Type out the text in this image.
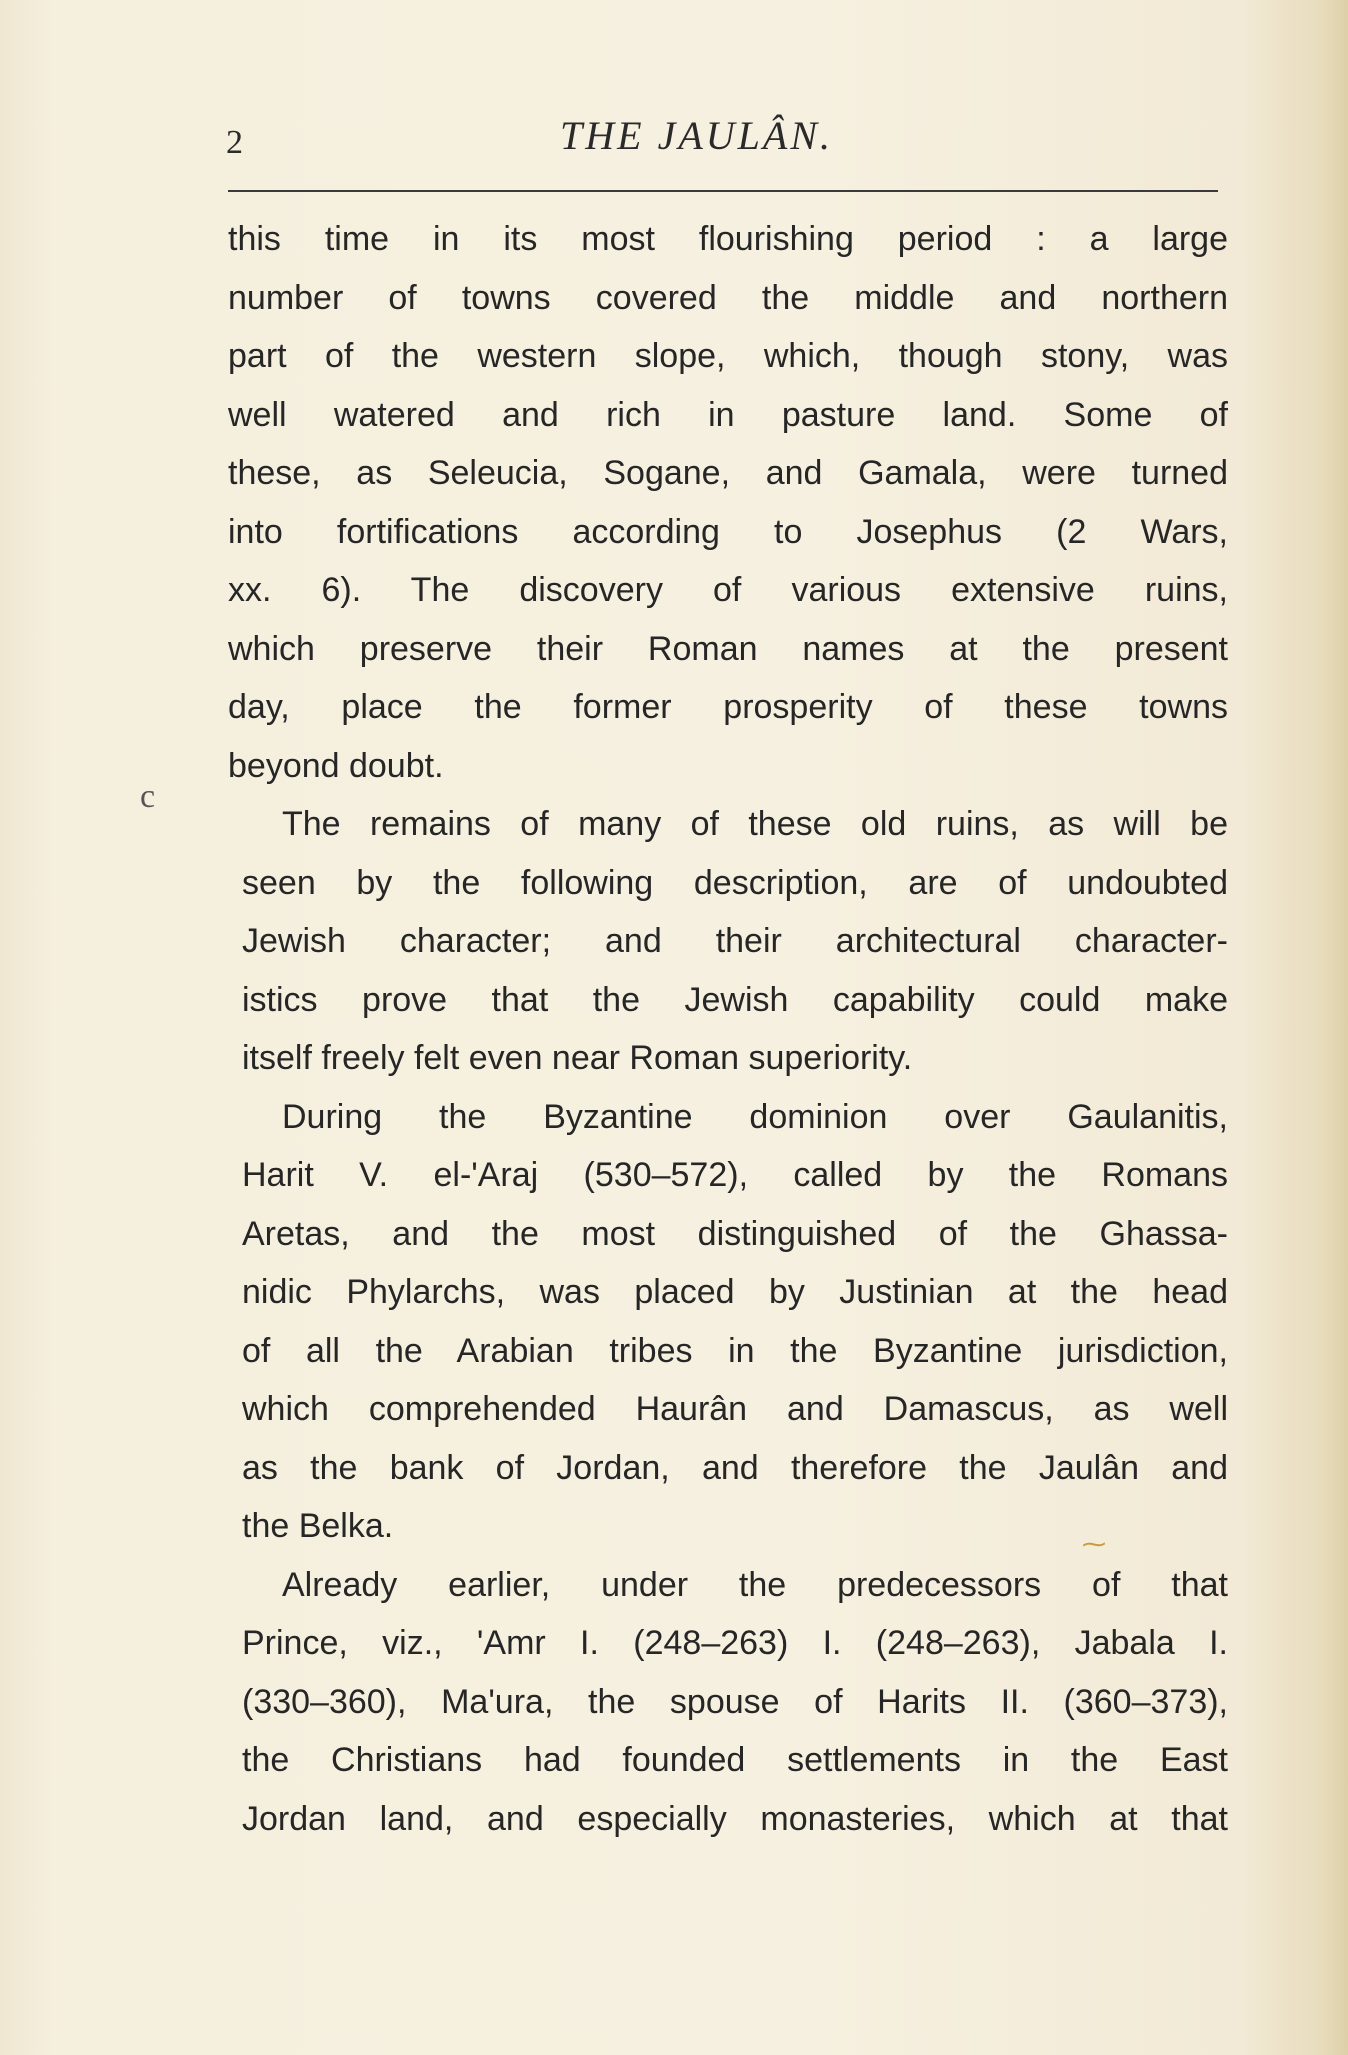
2	THE JAULÂN.
c
⁓
this time in its most flourishing period : a large
number of towns covered the middle and northern
part of the western slope, which, though stony, was
well watered and rich in pasture land. Some of
these, as Seleucia, Sogane, and Gamala, were turned
into fortifications according to Josephus (2 Wars,
xx. 6). The discovery of various extensive ruins,
which preserve their Roman names at the present
day, place the former prosperity of these towns
beyond doubt.
The remains of many of these old ruins, as will be
seen by the following description, are of undoubted
Jewish character; and their architectural character-
istics prove that the Jewish capability could make
itself freely felt even near Roman superiority.
During the Byzantine dominion over Gaulanitis,
Harit V. el-'Araj (530–572), called by the Romans
Aretas, and the most distinguished of the Ghassa-
nidic Phylarchs, was placed by Justinian at the head
of all the Arabian tribes in the Byzantine jurisdiction,
which comprehended Haurân and Damascus, as well
as the bank of Jordan, and therefore the Jaulân and
the Belka.
Already earlier, under the predecessors of that
Prince, viz., 'Amr I. (248–263) I. (248–263), Jabala I.
(330–360), Ma'ura, the spouse of Harits II. (360–373),
the Christians had founded settlements in the East
Jordan land, and especially monasteries, which at that
